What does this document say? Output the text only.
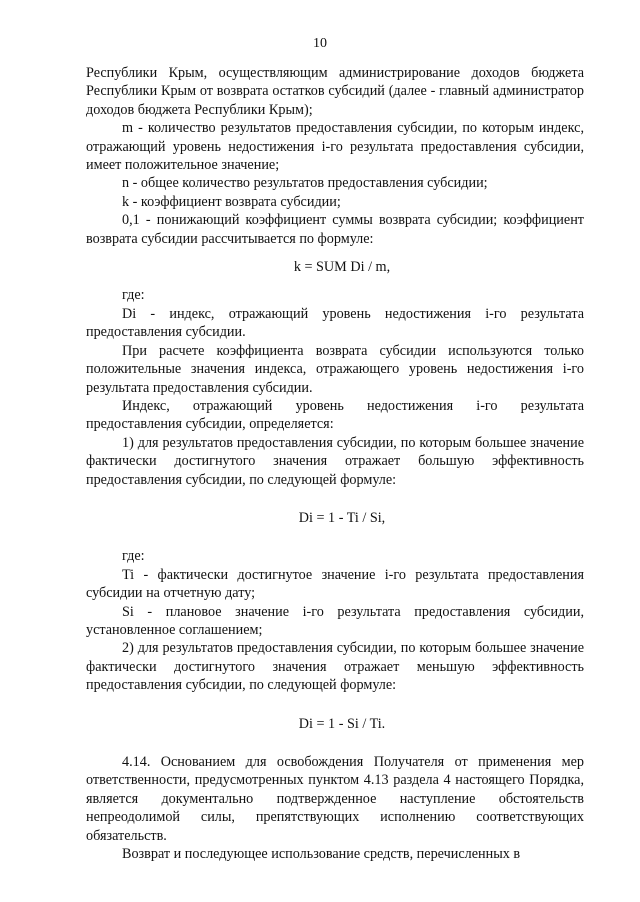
10

Республики Крым, осуществляющим администрирование доходов бюджета Республики Крым от возврата остатков субсидий (далее - главный администратор доходов бюджета Республики Крым);

m - количество результатов предоставления субсидии, по которым индекс, отражающий уровень недостижения i-го результата предоставления субсидии, имеет положительное значение;

n - общее количество результатов предоставления субсидии;

k - коэффициент возврата субсидии;

0,1 - понижающий коэффициент суммы возврата субсидии; коэффициент возврата субсидии рассчитывается по формуле:

k = SUM Di / m,

где:

Di - индекс, отражающий уровень недостижения i-го результата предоставления субсидии.

При расчете коэффициента возврата субсидии используются только положительные значения индекса, отражающего уровень недостижения i-го результата предоставления субсидии.

Индекс, отражающий уровень недостижения i-го результата предоставления субсидии, определяется:

1) для результатов предоставления субсидии, по которым большее значение фактически достигнутого значения отражает большую эффективность предоставления субсидии, по следующей формуле:

Di = 1 - Ti / Si,

где:

Ti - фактически достигнутое значение i-го результата предоставления субсидии на отчетную дату;

Si - плановое значение i-го результата предоставления субсидии, установленное соглашением;

2) для результатов предоставления субсидии, по которым большее значение фактически достигнутого значения отражает меньшую эффективность предоставления субсидии, по следующей формуле:

Di = 1 - Si / Ti.

4.14. Основанием для освобождения Получателя от применения мер ответственности, предусмотренных пунктом 4.13 раздела 4 настоящего Порядка, является документально подтвержденное наступление обстоятельств непреодолимой силы, препятствующих исполнению соответствующих обязательств.

Возврат и последующее использование средств, перечисленных в
